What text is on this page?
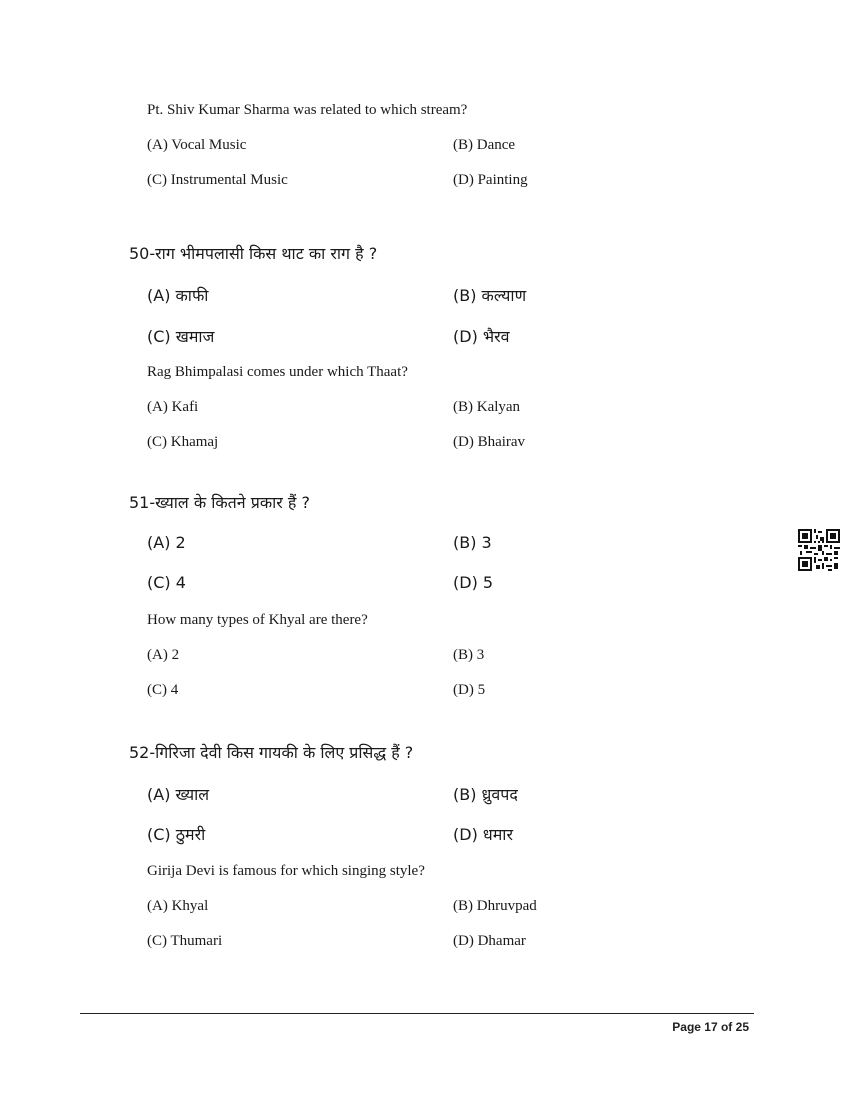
Pt. Shiv Kumar Sharma was related to which stream?
(A) Vocal Music	(B) Dance
(C) Instrumental Music	(D) Painting
50-राग भीमपलासी किस थाट का राग है ?
(A) काफी	(B) कल्याण
(C) खमाज	(D) भैरव
Rag Bhimpalasi comes under which Thaat?
(A) Kafi	(B) Kalyan
(C) Khamaj	(D) Bhairav
51-ख्याल के कितने प्रकार हैं ?
(A) 2	(B) 3
(C) 4	(D) 5
How many types of Khyal are there?
(A) 2	(B) 3
(C) 4	(D) 5
52-गिरिजा देवी किस गायकी के लिए प्रसिद्ध हैं ?
(A) ख्याल	(B) ध्रुवपद
(C) ठुमरी	(D) धमार
Girija Devi is famous for which singing style?
(A) Khyal	(B) Dhruvpad
(C) Thumari	(D) Dhamar
Page 17 of 25
